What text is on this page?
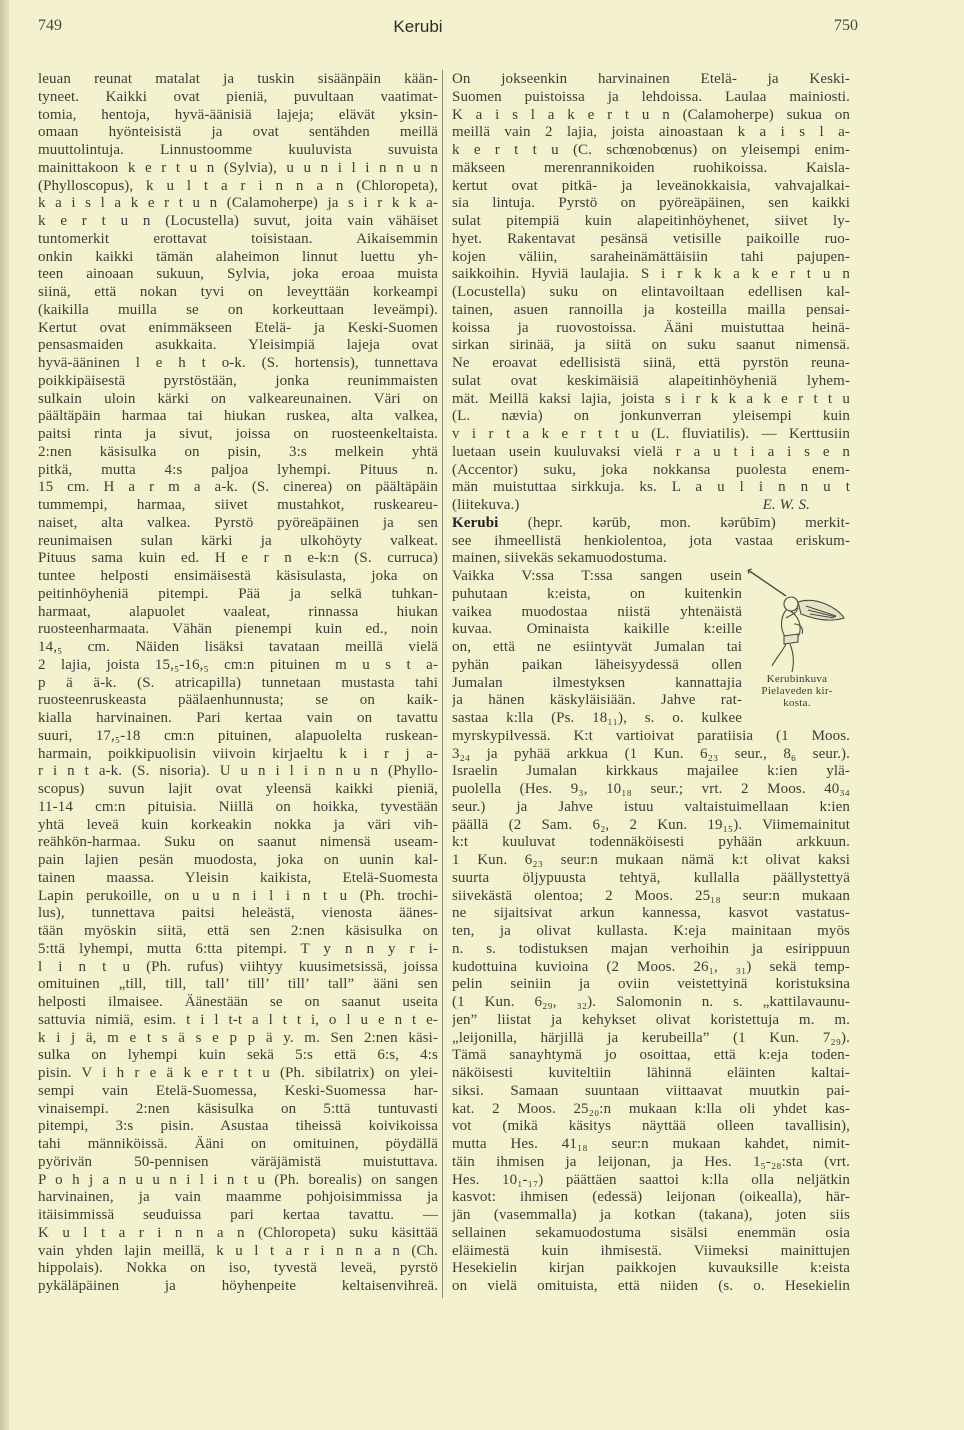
749	Kerubi	750
leuan reunat matalat ja tuskin sisäänpäin kään-
tyneet. Kaikki ovat pieniä, puvultaan vaatimat-
tomia, hentoja, hyvä-äänisiä lajeja; elävät yksin-
omaan hyönteisistä ja ovat sentähden meillä
muuttolintuja. Linnustoomme kuuluvista suvuista
mainittakoon k e r t u n (Sylvia), u u n i l i n n u n
(Phylloscopus), k u l t a r i n n a n (Chloropeta),
k a i s l a k e r t u n (Calamoherpe) ja s i r k k a-
k e r t u n (Locustella) suvut, joita vain vähäiset
tuntomerkit erottavat toisistaan. Aikaisemmin
onkin kaikki tämän alaheimon linnut luettu yh-
teen ainoaan sukuun, Sylvia, joka eroaa muista
siinä, että nokan tyvi on leveyttään korkeampi
(kaikilla muilla se on korkeuttaan leveämpi).
Kertut ovat enimmäkseen Etelä- ja Keski-Suomen
pensasmaiden asukkaita. Yleisimpiä lajeja ovat
hyvä-ääninen l e h t o-k. (S. hortensis), tunnettava
poikkipäisestä pyrstöstään, jonka reunimmaisten
sulkain uloin kärki on valkeareunainen. Väri on
päältäpäin harmaa tai hiukan ruskea, alta valkea,
paitsi rinta ja sivut, joissa on ruosteenkeltaista.
2:nen käsisulka on pisin, 3:s melkein yhtä
pitkä, mutta 4:s paljoa lyhempi. Pituus n.
15 cm. H a r m a a-k. (S. cinerea) on päältäpäin
tummempi, harmaa, siivet mustahkot, ruskeareu-
naiset, alta valkea. Pyrstö pyöreäpäinen ja sen
reunimaisen sulan kärki ja ulkohöyty valkeat.
Pituus sama kuin ed. H e r n e-k:n (S. curruca)
tuntee helposti ensimäisestä käsisulasta, joka on
peitinhöyheniä pitempi. Pää ja selkä tuhkan-
harmaat, alapuolet vaaleat, rinnassa hiukan
ruosteenharmaata. Vähän pienempi kuin ed., noin
14,₅ cm. Näiden lisäksi tavataan meillä vielä
2 lajia, joista 15,₅-16,₅ cm:n pituinen m u s t a-
p ä ä-k. (S. atricapilla) tunnetaan mustasta tahi
ruosteenruskeasta päälaenhunnusta; se on kaik-
kialla harvinainen. Pari kertaa vain on tavattu
suuri, 17,₅-18 cm:n pituinen, alapuolelta ruskean-
harmain, poikkipuolisin viivoin kirjaeltu k i r j a-
r i n t a-k. (S. nisoria). U u n i l i n n u n (Phyllo-
scopus) suvun lajit ovat yleensä kaikki pieniä,
11-14 cm:n pituisia. Niillä on hoikka, tyvestään
yhtä leveä kuin korkeakin nokka ja väri vih-
reähkön-harmaa. Suku on saanut nimensä useam-
pain lajien pesän muodosta, joka on uunin kal-
tainen maassa. Yleisin kaikista, Etelä-Suomesta
Lapin perukoille, on u u n i l i n t u (Ph. trochi-
lus), tunnettava paitsi heleästä, vienosta äänes-
tään myöskin siitä, että sen 2:nen käsisulka on
5:ttä lyhempi, mutta 6:tta pitempi. T y n n y r i-
l i n t u (Ph. rufus) viihtyy kuusimetsissä, joissa
omituinen „till, till, tall’ till’ till’ tall” ääni sen
helposti ilmaisee. Äänestään se on saanut useita
sattuvia nimiä, esim. t i l t-t a l t t i, o l u e n t e-
k i j ä, m e t s ä s e p p ä y. m. Sen 2:nen käsi-
sulka on lyhempi kuin sekä 5:s että 6:s, 4:s
pisin. V i h r e ä k e r t t u (Ph. sibilatrix) on ylei-
sempi vain Etelä-Suomessa, Keski-Suomessa har-
vinaisempi. 2:nen käsisulka on 5:ttä tuntuvasti
pitempi, 3:s pisin. Asustaa tiheissä koivikoissa
tahi männiköissä. Ääni on omituinen, pöydällä
pyörivän 50-pennisen väräjämistä muistuttava.
P o h j a n u u n i l i n t u (Ph. borealis) on sangen
harvinainen, ja vain maamme pohjoisimmissa ja
itäisimmissä seuduissa pari kertaa tavattu. —
K u l t a r i n n a n (Chloropeta) suku käsittää
vain yhden lajin meillä, k u l t a r i n n a n (Ch.
hippolais). Nokka on iso, tyvestä leveä, pyrstö
pykäläpäinen ja höyhenpeite keltaisenvihreä.
On jokseenkin harvinainen Etelä- ja Keski-
Suomen puistoissa ja lehdoissa. Laulaa mainiosti.
K a i s l a k e r t u n (Calamoherpe) sukua on
meillä vain 2 lajia, joista ainoastaan k a i s l a-
k e r t t u (C. schœnobœnus) on yleisempi enim-
mäkseen merenrannikoiden ruohikoissa. Kaisla-
kertut ovat pitkä- ja leveänokkaisia, vahvajalkai-
sia lintuja. Pyrstö on pyöreäpäinen, sen kaikki
sulat pitempiä kuin alapeitinhöyhenet, siivet ly-
hyet. Rakentavat pesänsä vetisille paikoille ruo-
kojen väliin, saraheinämättäisiin tahi pajupen-
saikkoihin. Hyviä laulajia. S i r k k a k e r t u n
(Locustella) suku on elintavoiltaan edellisen kal-
tainen, asuen rannoilla ja kosteilla mailla pensai-
koissa ja ruovostoissa. Ääni muistuttaa heinä-
sirkan sirinää, ja siitä on suku saanut nimensä.
Ne eroavat edellisistä siinä, että pyrstön reuna-
sulat ovat keskimäisiä alapeitinhöyheniä lyhem-
mät. Meillä kaksi lajia, joista s i r k k a k e r t t u
(L. nævia) on jonkunverran yleisempi kuin
v i r t a k e r t t u (L. fluviatilis). — Kerttusiin
luetaan usein kuuluvaksi vielä r a u t i a i s e n
(Accentor) suku, joka nokkansa puolesta enem-
män muistuttaa sirkkuja. ks. L a u l i n n u t
E. W. S.
(liitekuva.)
Kerubi (hepr. kərūb, mon. kərūbīm) merkit-
see ihmeellistä henkiolentoa, jota vastaa eriskum-
mainen, siivekäs sekamuodostuma.
Vaikka V:ssa T:ssa sangen usein
puhutaan k:eista, on kuitenkin
vaikea muodostaa niistä yhtenäistä
kuvaa. Ominaista kaikille k:eille
on, että ne esiintyvät Jumalan tai
pyhän paikan läheisyydessä ollen
Jumalan ilmestyksen kannattajia
ja hänen käskyläisiään. Jahve rat-
sastaa k:lla (Ps. 18₁₁), s. o. kulkee
myrskypilvessä. K:t vartioivat paratiisia (1 Moos.
3₂₄ ja pyhää arkkua (1 Kun. 6₂₃ seur., 8₆ seur.).
Israelin Jumalan kirkkaus majailee k:ien ylä-
puolella (Hes. 9₃, 10₁₈ seur.; vrt. 2 Moos. 40₃₄
seur.) ja Jahve istuu valtaistuimellaan k:ien
päällä (2 Sam. 6₂, 2 Kun. 19₁₅). Viimemainitut
k:t kuuluvat todennäköisesti pyhään arkkuun.
1 Kun. 6₂₃ seur:n mukaan nämä k:t olivat kaksi
suurta öljypuusta tehtyä, kullalla päällystettyä
siivekästä olentoa; 2 Moos. 25₁₈ seur:n mukaan
ne sijaitsivat arkun kannessa, kasvot vastatus-
ten, ja olivat kullasta. K:eja mainitaan myös
n. s. todistuksen majan verhoihin ja esirippuun
kudottuina kuvioina (2 Moos. 26₁, ₃₁) sekä temp-
pelin seiniin ja oviin veistettyinä koristuksina
(1 Kun. 6₂₉, ₃₂). Salomonin n. s. „kattilavaunu-
jen” liistat ja kehykset olivat koristettuja m. m.
„leijonilla, härjillä ja kerubeilla” (1 Kun. 7₂₉).
Tämä sanayhtymä jo osoittaa, että k:eja toden-
näköisesti kuviteltiin lähinnä eläinten kaltai-
siksi. Samaan suuntaan viittaavat muutkin pai-
kat. 2 Moos. 25₂₀:n mukaan k:lla oli yhdet kas-
vot (mikä käsitys näyttää olleen tavallisin),
mutta Hes. 41₁₈ seur:n mukaan kahdet, nimit-
täin ihmisen ja leijonan, ja Hes. 1₅-₂₈:sta (vrt.
Hes. 10₁-₁₇) päättäen saattoi k:lla olla neljätkin
kasvot: ihmisen (edessä) leijonan (oikealla), här-
jän (vasemmalla) ja kotkan (takana), joten siis
sellainen sekamuodostuma sisälsi enemmän osia
eläimestä kuin ihmisestä. Viimeksi mainittujen
Hesekielin kirjan paikkojen kuvauksille k:eista
on vielä omituista, että niiden (s. o. Hesekielin
Kerubinkuva
Pielaveden kir-
kosta.
